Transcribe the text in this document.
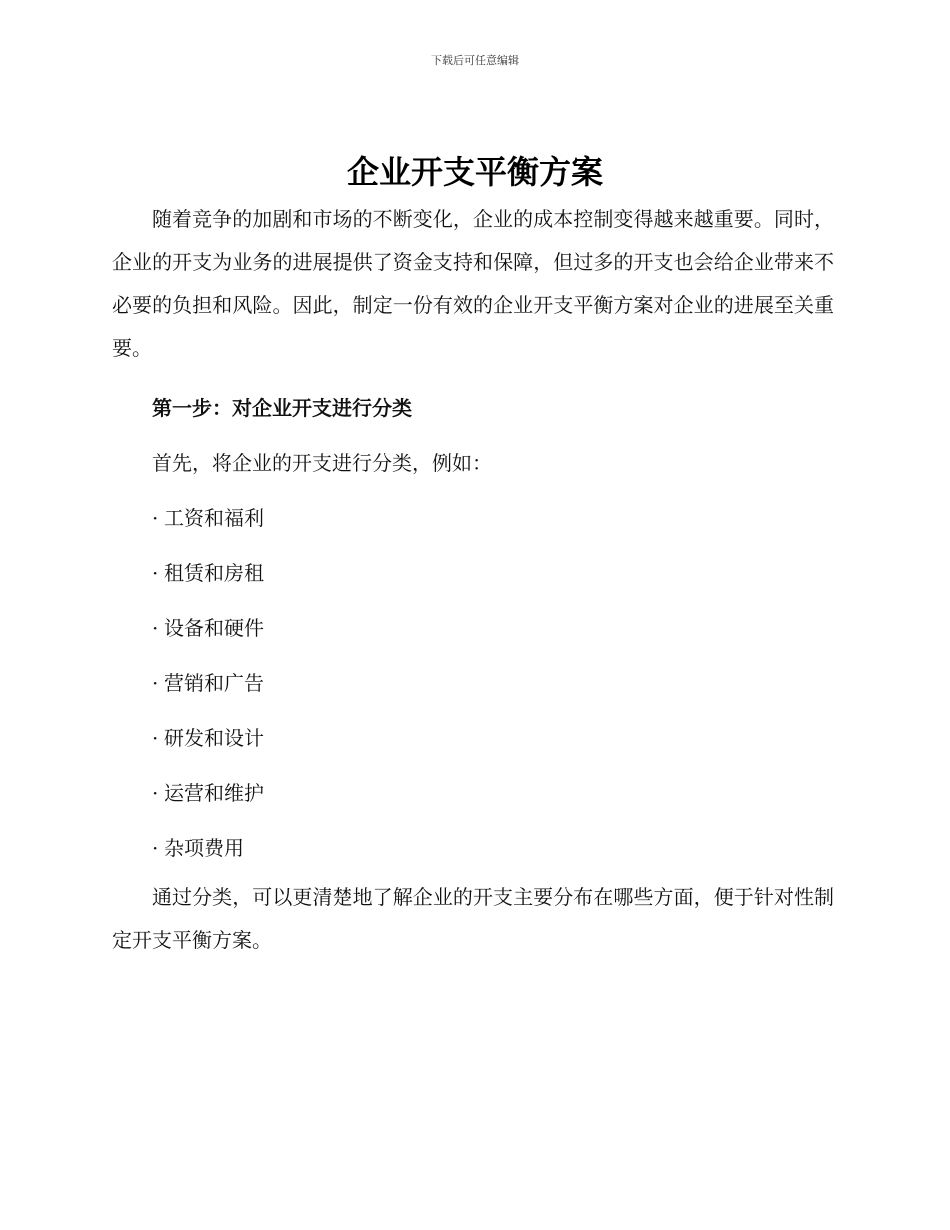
下载后可任意编辑
企业开支平衡方案

随着竞争的加剧和市场的不断变化，企业的成本控制变得越来越重要。同时，企业的开支为业务的进展提供了资金支持和保障，但过多的开支也会给企业带来不必要的负担和风险。因此，制定一份有效的企业开支平衡方案对企业的进展至关重要。

第一步：对企业开支进行分类

首先，将企业的开支进行分类，例如：

· 工资和福利
· 租赁和房租
· 设备和硬件
· 营销和广告
· 研发和设计
· 运营和维护
· 杂项费用

通过分类，可以更清楚地了解企业的开支主要分布在哪些方面，便于针对性制定开支平衡方案。
